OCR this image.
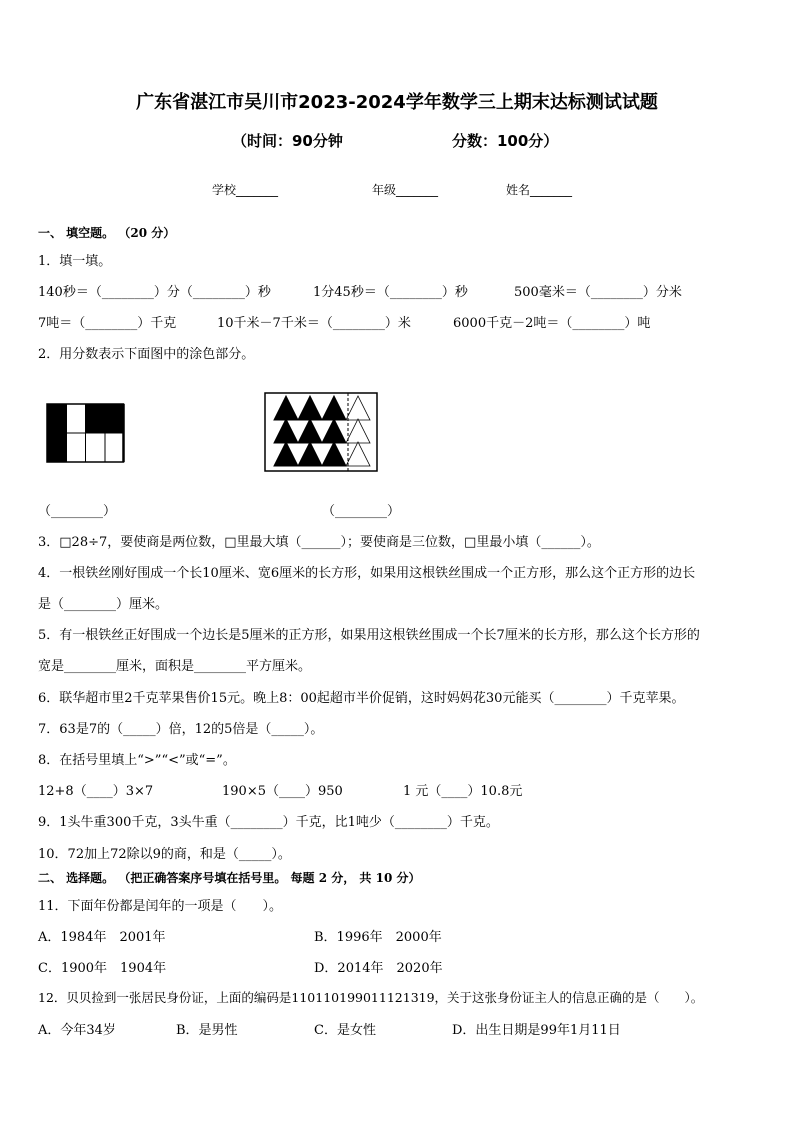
广东省湛江市吴川市2023-2024学年数学三上期末达标测试试题
（时间：90分钟	分数：100分）
学校_______	年级_______	姓名_______
一、 填空题。 （20 分）
1．填一填。
140秒＝（________）分（________）秒	1分45秒＝（________）秒	500毫米＝（________）分米
7吨＝（________）千克	10千米－7千米＝（________）米	6000千克－2吨＝（________）吨
2．用分数表示下面图中的涂色部分。
（________）	（________）
3．□28÷7，要使商是两位数，□里最大填（______）；要使商是三位数，□里最小填（______）。
4．一根铁丝刚好围成一个长10厘米、宽6厘米的长方形，如果用这根铁丝围成一个正方形，那么这个正方形的边长
是（________）厘米。
5．有一根铁丝正好围成一个边长是5厘米的正方形，如果用这根铁丝围成一个长7厘米的长方形，那么这个长方形的
宽是________厘米，面积是________平方厘米。
6．联华超市里2千克苹果售价15元。晚上8：00起超市半价促销，这时妈妈花30元能买（________）千克苹果。
7．63是7的（_____）倍，12的5倍是（_____）。
8．在括号里填上“>”“<”或“=”。
12+8（____）3×7	190×5（____）950	1 元（____）10.8元
9．1头牛重300千克，3头牛重（________）千克，比1吨少（________）千克。
10．72加上72除以9的商，和是（_____）。
二、 选择题。 （把正确答案序号填在括号里。 每题 2 分， 共 10 分）
11．下面年份都是闰年的一项是（　　）。
A．1984年　2001年	B．1996年　2000年
C．1900年　1904年	D．2014年　2020年
12．贝贝捡到一张居民身份证，上面的编码是110110199011121319，关于这张身份证主人的信息正确的是（　　）。
A．今年34岁	B．是男性	C．是女性	D．出生日期是99年1月11日
